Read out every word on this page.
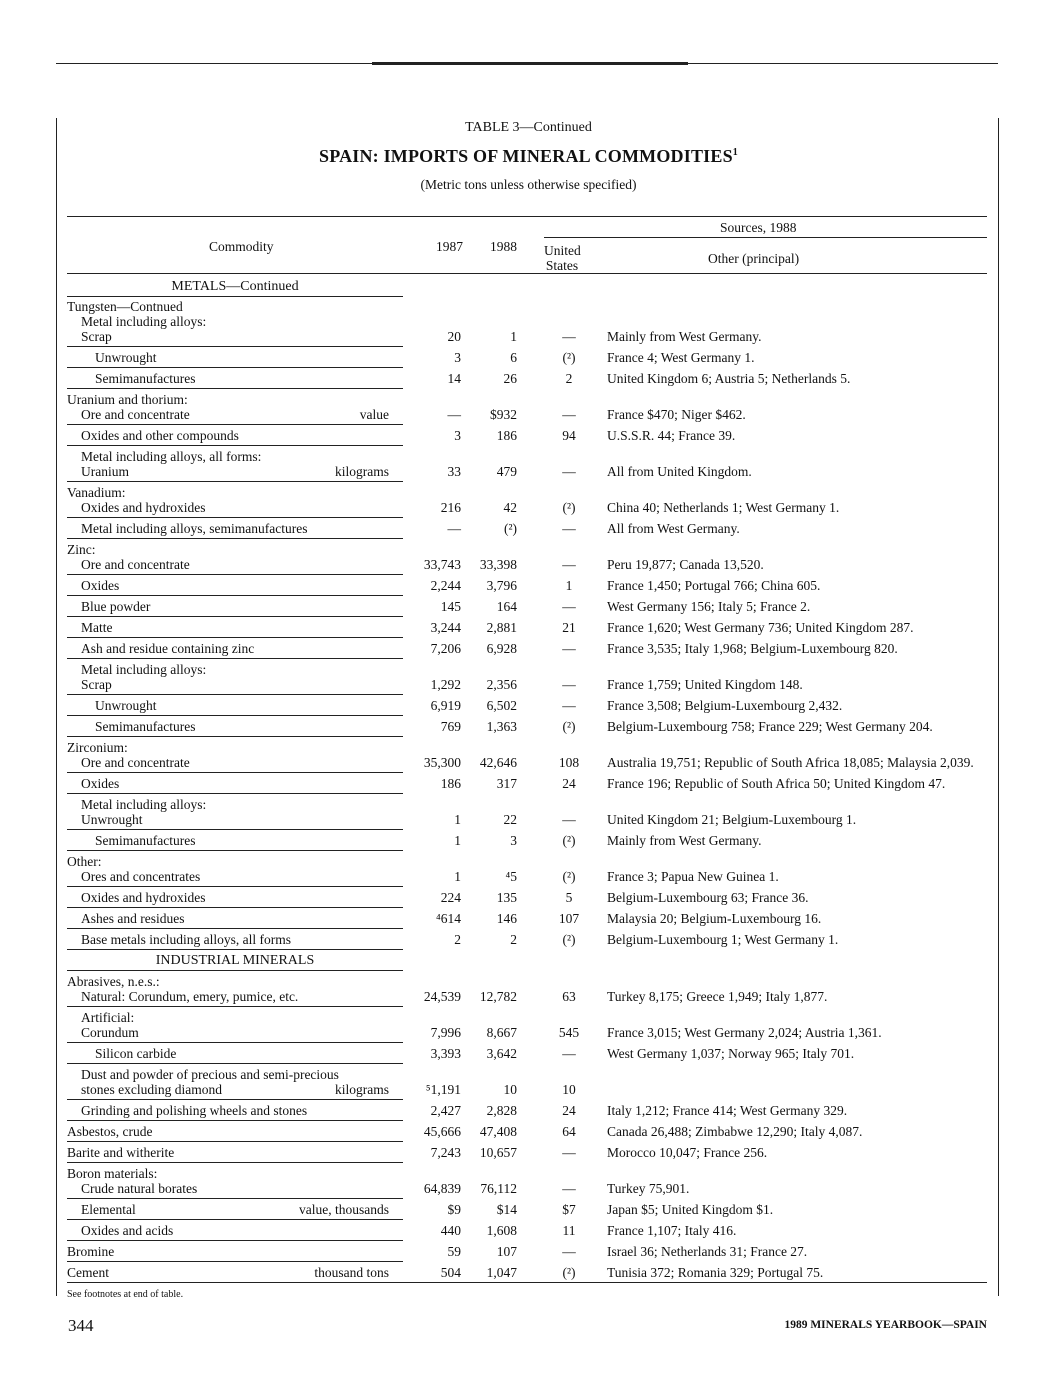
TABLE 3—Continued
SPAIN: IMPORTS OF MINERAL COMMODITIES$^1$
(Metric tons unless otherwise specified)
Commodity	1987 1988
Sources, 1988
United
States	Other (principal)
METALS—Continued
INDUSTRIAL MINERALS
Tungsten—Contnued
Metal including alloys:
Scrap	20	1	—	Mainly from West Germany.
Unwrought	3	6	(²)	France 4; West Germany 1.
Semimanufactures	14	26	2	United Kingdom 6; Austria 5; Netherlands 5.
Uranium and thorium:
Ore and concentrate	value	— $932	—	France $470; Niger $462.
Oxides and other compounds	3	186	94	U.S.S.R. 44; France 39.
Metal including alloys, all forms:
Uranium	kilograms	33	479	—	All from United Kingdom.
Vanadium:
Oxides and hydroxides	216	42	(²)	China 40; Netherlands 1; West Germany 1.
Metal including alloys, semimanufactures	—	(²)	—	All from West Germany.
Zinc:
Ore and concentrate	33,743 33,398	—	Peru 19,877; Canada 13,520.
Oxides	2,244 3,796	1	France 1,450; Portugal 766; China 605.
Blue powder	145	164	—	West Germany 156; Italy 5; France 2.
Matte	3,244 2,881	21	France 1,620; West Germany 736; United Kingdom 287.
Ash and residue containing zinc	7,206 6,928	—	France 3,535; Italy 1,968; Belgium-Luxembourg 820.
Metal including alloys:
Scrap	1,292 2,356	—	France 1,759; United Kingdom 148.
Unwrought	6,919 6,502	—	France 3,508; Belgium-Luxembourg 2,432.
Semimanufactures	769 1,363	(²)	Belgium-Luxembourg 758; France 229; West Germany 204.
Zirconium:
Ore and concentrate	35,300 42,646	108	Australia 19,751; Republic of South Africa 18,085; Malaysia 2,039.
Oxides	186	317	24	France 196; Republic of South Africa 50; United Kingdom 47.
Metal including alloys:
Unwrought	1	22	—	United Kingdom 21; Belgium-Luxembourg 1.
Semimanufactures	1	3	(²)	Mainly from West Germany.
Other:
Ores and concentrates	1	⁴5	(²)	France 3; Papua New Guinea 1.
Oxides and hydroxides	224	135	5	Belgium-Luxembourg 63; France 36.
Ashes and residues	⁴614	146	107	Malaysia 20; Belgium-Luxembourg 16.
Base metals including alloys, all forms	2	2	(²)	Belgium-Luxembourg 1; West Germany 1.
Abrasives, n.e.s.:
Natural: Corundum, emery, pumice, etc.	24,539 12,782	63	Turkey 8,175; Greece 1,949; Italy 1,877.
Artificial:
Corundum	7,996 8,667	545	France 3,015; West Germany 2,024; Austria 1,361.
Silicon carbide	3,393 3,642	—	West Germany 1,037; Norway 965; Italy 701.
Dust and powder of precious and semi-precious
stones excluding diamond	kilograms	⁵1,191	10	10
Grinding and polishing wheels and stones	2,427 2,828	24	Italy 1,212; France 414; West Germany 329.
Asbestos, crude	45,666 47,408	64	Canada 26,488; Zimbabwe 12,290; Italy 4,087.
Barite and witherite	7,243 10,657	—	Morocco 10,047; France 256.
Boron materials:
Crude natural borates	64,839 76,112	—	Turkey 75,901.
Elemental	value, thousands	$9	$14	$7	Japan $5; United Kingdom $1.
Oxides and acids	440 1,608	11	France 1,107; Italy 416.
Bromine	59	107	—	Israel 36; Netherlands 31; France 27.
Cement	thousand tons	504 1,047	(²)	Tunisia 372; Romania 329; Portugal 75.
See footnotes at end of table.
344	1989 MINERALS YEARBOOK—SPAIN
